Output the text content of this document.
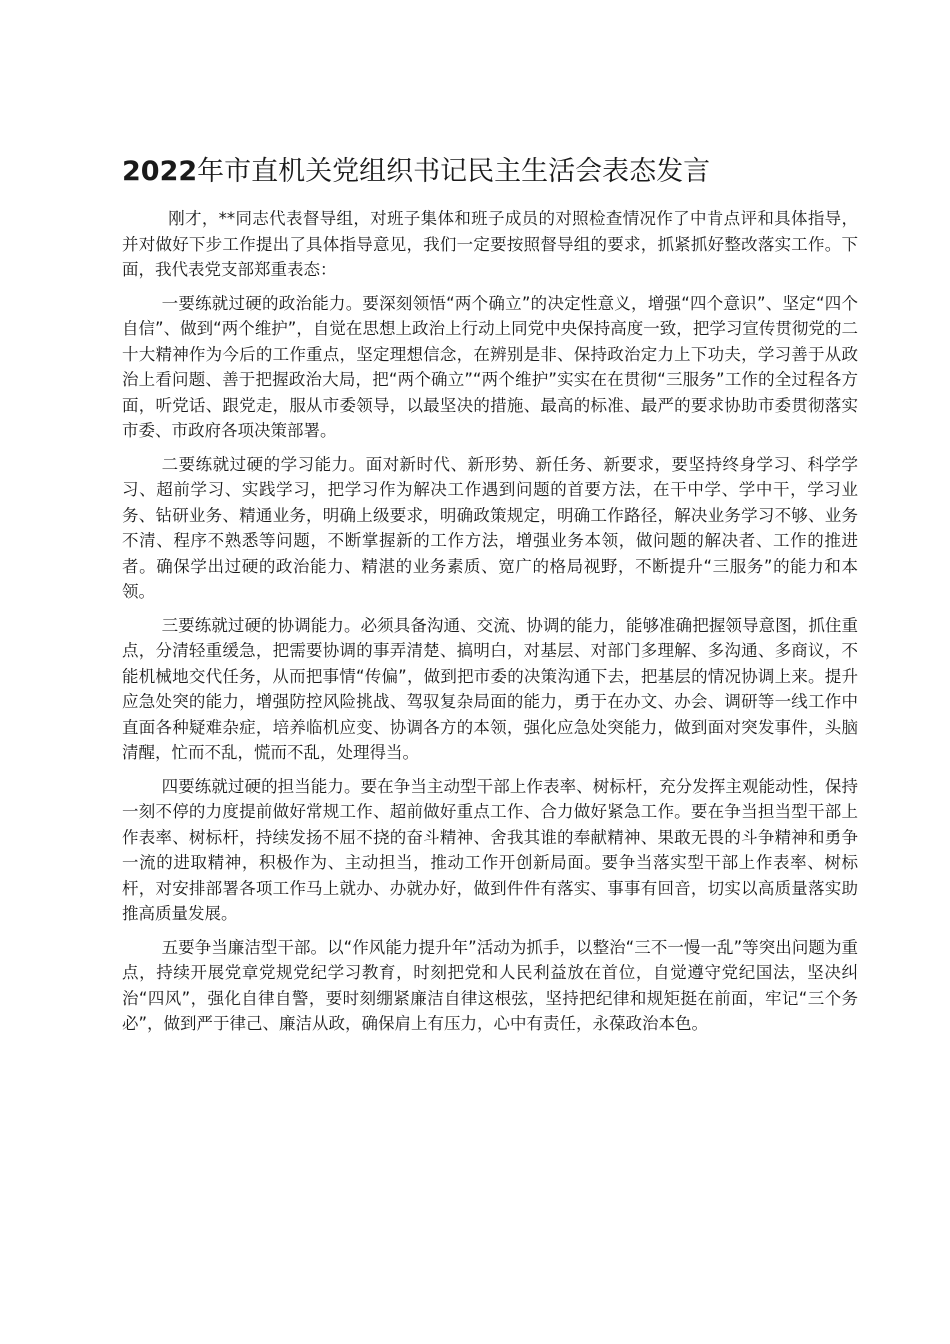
2022年市直机关党组织书记民主生活会表态发言

刚才，**同志代表督导组，对班子集体和班子成员的对照检查情况作了中肯点评和具体指导，并对做好下步工作提出了具体指导意见，我们一定要按照督导组的要求，抓紧抓好整改落实工作。下面，我代表党支部郑重表态：

一要练就过硬的政治能力。要深刻领悟“两个确立”的决定性意义，增强“四个意识”、坚定“四个自信”、做到“两个维护”，自觉在思想上政治上行动上同党中央保持高度一致，把学习宣传贯彻党的二十大精神作为今后的工作重点，坚定理想信念，在辨别是非、保持政治定力上下功夫，学习善于从政治上看问题、善于把握政治大局，把“两个确立”“两个维护”实实在在贯彻“三服务”工作的全过程各方面，听党话、跟党走，服从市委领导，以最坚决的措施、最高的标准、最严的要求协助市委贯彻落实市委、市政府各项决策部署。

二要练就过硬的学习能力。面对新时代、新形势、新任务、新要求，要坚持终身学习、科学学习、超前学习、实践学习，把学习作为解决工作遇到问题的首要方法，在干中学、学中干，学习业务、钻研业务、精通业务，明确上级要求，明确政策规定，明确工作路径，解决业务学习不够、业务不清、程序不熟悉等问题，不断掌握新的工作方法，增强业务本领，做问题的解决者、工作的推进者。确保学出过硬的政治能力、精湛的业务素质、宽广的格局视野，不断提升“三服务”的能力和本领。

三要练就过硬的协调能力。必须具备沟通、交流、协调的能力，能够准确把握领导意图，抓住重点，分清轻重缓急，把需要协调的事弄清楚、搞明白，对基层、对部门多理解、多沟通、多商议，不能机械地交代任务，从而把事情“传偏”，做到把市委的决策沟通下去，把基层的情况协调上来。提升应急处突的能力，增强防控风险挑战、驾驭复杂局面的能力，勇于在办文、办会、调研等一线工作中直面各种疑难杂症，培养临机应变、协调各方的本领，强化应急处突能力，做到面对突发事件，头脑清醒，忙而不乱，慌而不乱，处理得当。

四要练就过硬的担当能力。要在争当主动型干部上作表率、树标杆，充分发挥主观能动性，保持一刻不停的力度提前做好常规工作、超前做好重点工作、合力做好紧急工作。要在争当担当型干部上作表率、树标杆，持续发扬不屈不挠的奋斗精神、舍我其谁的奉献精神、果敢无畏的斗争精神和勇争一流的进取精神，积极作为、主动担当，推动工作开创新局面。要争当落实型干部上作表率、树标杆，对安排部署各项工作马上就办、办就办好，做到件件有落实、事事有回音，切实以高质量落实助推高质量发展。

五要争当廉洁型干部。以“作风能力提升年”活动为抓手，以整治“三不一慢一乱”等突出问题为重点，持续开展党章党规党纪学习教育，时刻把党和人民利益放在首位，自觉遵守党纪国法，坚决纠治“四风”，强化自律自警，要时刻绷紧廉洁自律这根弦，坚持把纪律和规矩挺在前面，牢记“三个务必”，做到严于律己、廉洁从政，确保肩上有压力，心中有责任，永葆政治本色。
